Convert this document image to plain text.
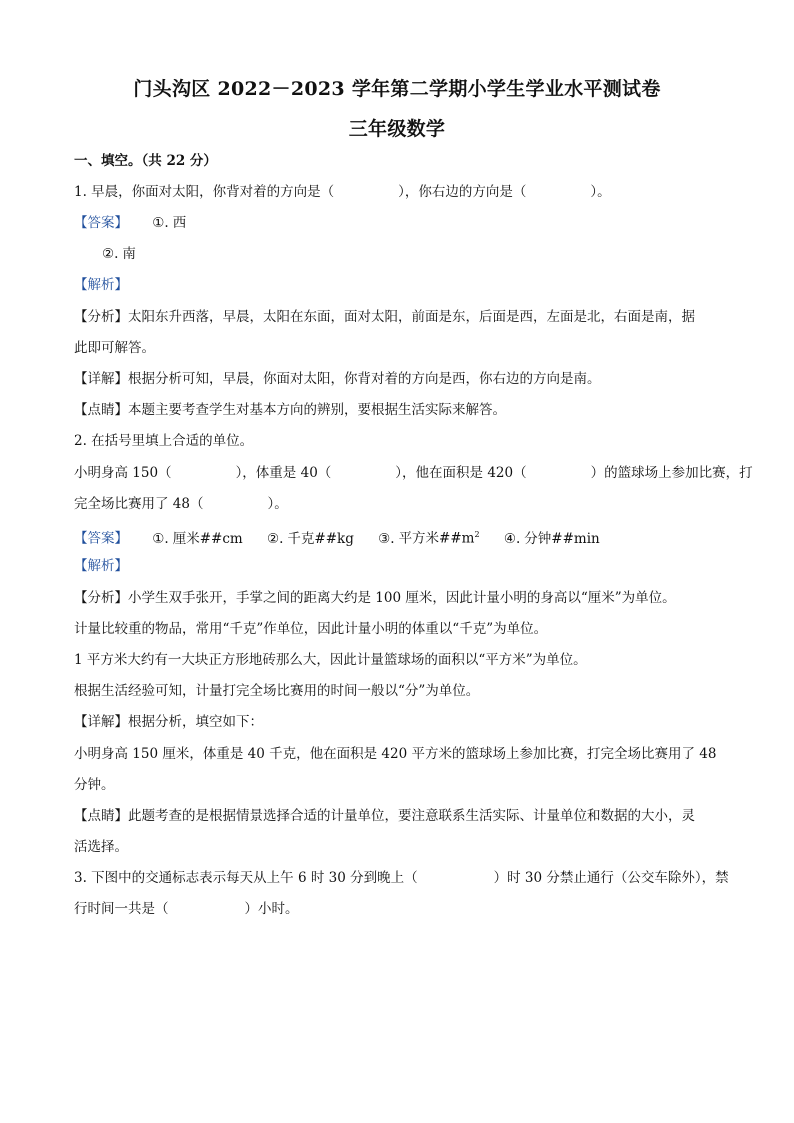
门头沟区 2022－2023 学年第二学期小学生学业水平测试卷
三年级数学
一、填空。（共 22 分）
1. 早晨，你面对太阳，你背对着的方向是（	），你右边的方向是（	）。
【答案】 ①. 西
②. 南
【解析】
【分析】太阳东升西落，早晨，太阳在东面，面对太阳，前面是东，后面是西，左面是北，右面是南，据
此即可解答。
【详解】根据分析可知，早晨，你面对太阳，你背对着的方向是西，你右边的方向是南。
【点睛】本题主要考查学生对基本方向的辨别，要根据生活实际来解答。
2. 在括号里填上合适的单位。
小明身高 150（	），体重是 40（	），他在面积是 420（	）的篮球场上参加比赛，打
完全场比赛用了 48（	）。
【答案】 ①. 厘米##cm ②. 千克##kg ③. 平方米$\#\#m^2$ ④. 分钟##min
【解析】
【分析】小学生双手张开，手掌之间的距离大约是 100 厘米，因此计量小明的身高以“厘米”为单位。
计量比较重的物品，常用“千克”作单位，因此计量小明的体重以“千克”为单位。
1 平方米大约有一大块正方形地砖那么大，因此计量篮球场的面积以“平方米”为单位。
根据生活经验可知，计量打完全场比赛用的时间一般以“分”为单位。
【详解】根据分析，填空如下：
小明身高 150 厘米，体重是 40 千克，他在面积是 420 平方米的篮球场上参加比赛，打完全场比赛用了 48
分钟。
【点睛】此题考查的是根据情景选择合适的计量单位，要注意联系生活实际、计量单位和数据的大小，灵
活选择。
3. 下图中的交通标志表示每天从上午 6 时 30 分到晚上（	）时 30 分禁止通行（公交车除外），禁
行时间一共是（	）小时。
